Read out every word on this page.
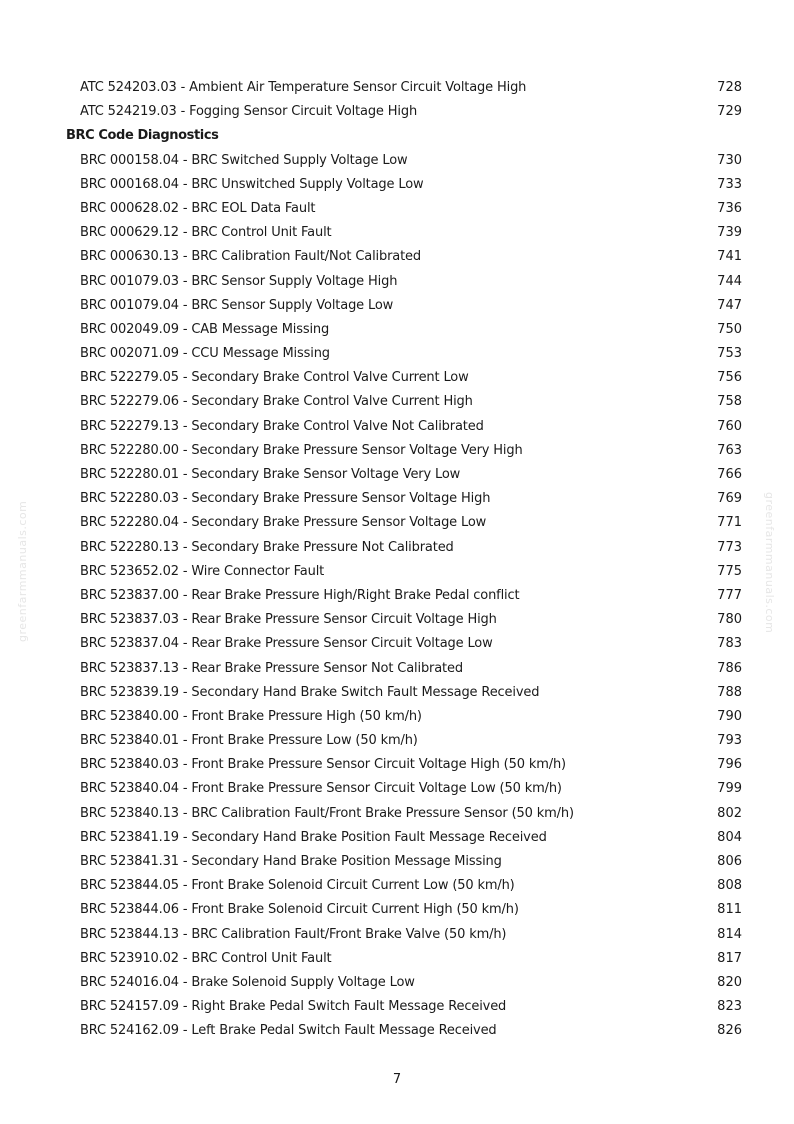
greenfarmmanuals.com	greenfarmmanuals.com
ATC 524203.03 - Ambient Air Temperature Sensor Circuit Voltage High	728
ATC 524219.03 - Fogging Sensor Circuit Voltage High	729
BRC Code Diagnostics
BRC 000158.04 - BRC Switched Supply Voltage Low	730
BRC 000168.04 - BRC Unswitched Supply Voltage Low	733
BRC 000628.02 - BRC EOL Data Fault	736
BRC 000629.12 - BRC Control Unit Fault	739
BRC 000630.13 - BRC Calibration Fault/Not Calibrated	741
BRC 001079.03 - BRC Sensor Supply Voltage High	744
BRC 001079.04 - BRC Sensor Supply Voltage Low	747
BRC 002049.09 - CAB Message Missing	750
BRC 002071.09 - CCU Message Missing	753
BRC 522279.05 - Secondary Brake Control Valve Current Low	756
BRC 522279.06 - Secondary Brake Control Valve Current High	758
BRC 522279.13 - Secondary Brake Control Valve Not Calibrated	760
BRC 522280.00 - Secondary Brake Pressure Sensor Voltage Very High	763
BRC 522280.01 - Secondary Brake Sensor Voltage Very Low	766
BRC 522280.03 - Secondary Brake Pressure Sensor Voltage High	769
BRC 522280.04 - Secondary Brake Pressure Sensor Voltage Low	771
BRC 522280.13 - Secondary Brake Pressure Not Calibrated	773
BRC 523652.02 - Wire Connector Fault	775
BRC 523837.00 - Rear Brake Pressure High/Right Brake Pedal conflict	777
BRC 523837.03 - Rear Brake Pressure Sensor Circuit Voltage High	780
BRC 523837.04 - Rear Brake Pressure Sensor Circuit Voltage Low	783
BRC 523837.13 - Rear Brake Pressure Sensor Not Calibrated	786
BRC 523839.19 - Secondary Hand Brake Switch Fault Message Received	788
BRC 523840.00 - Front Brake Pressure High (50 km/h)	790
BRC 523840.01 - Front Brake Pressure Low (50 km/h)	793
BRC 523840.03 - Front Brake Pressure Sensor Circuit Voltage High (50 km/h)	796
BRC 523840.04 - Front Brake Pressure Sensor Circuit Voltage Low (50 km/h)	799
BRC 523840.13 - BRC Calibration Fault/Front Brake Pressure Sensor (50 km/h)	802
BRC 523841.19 - Secondary Hand Brake Position Fault Message Received	804
BRC 523841.31 - Secondary Hand Brake Position Message Missing	806
BRC 523844.05 - Front Brake Solenoid Circuit Current Low (50 km/h)	808
BRC 523844.06 - Front Brake Solenoid Circuit Current High (50 km/h)	811
BRC 523844.13 - BRC Calibration Fault/Front Brake Valve (50 km/h)	814
BRC 523910.02 - BRC Control Unit Fault	817
BRC 524016.04 - Brake Solenoid Supply Voltage Low	820
BRC 524157.09 - Right Brake Pedal Switch Fault Message Received	823
BRC 524162.09 - Left Brake Pedal Switch Fault Message Received	826
7
